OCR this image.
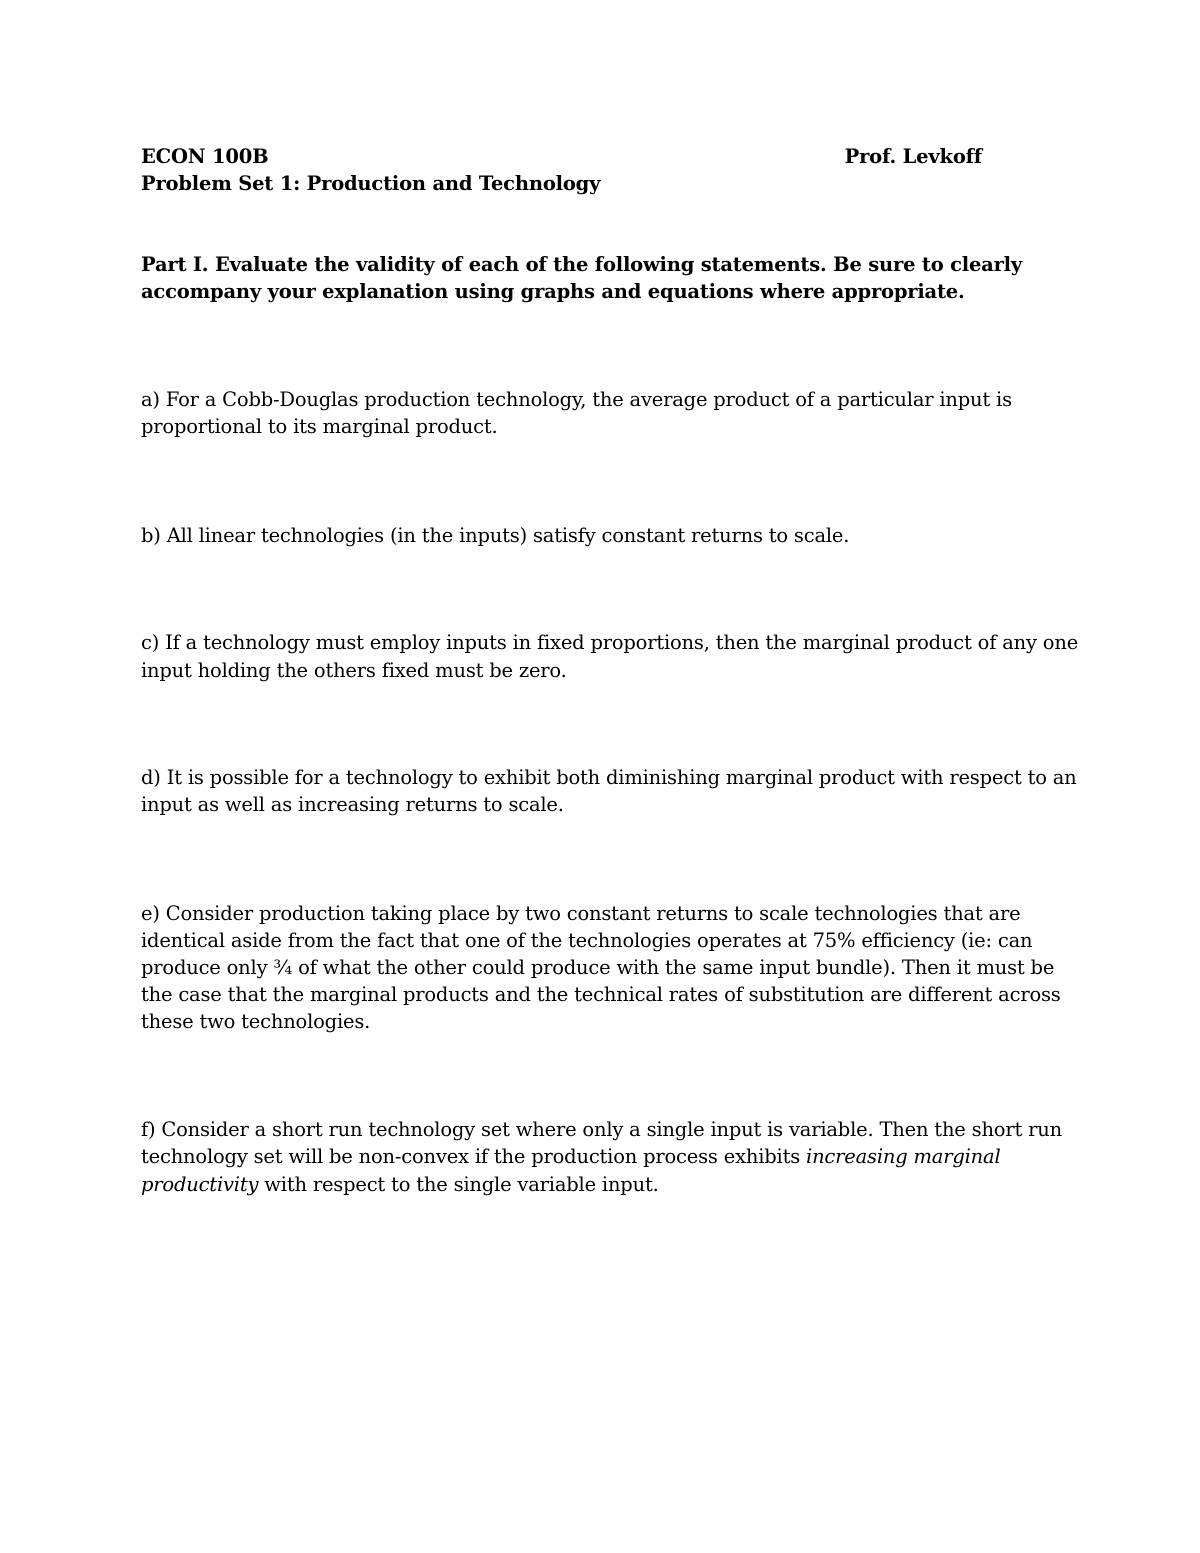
ECON 100B	Prof. Levkoff
Problem Set 1: Production and Technology
Part I. Evaluate the validity of each of the following statements. Be sure to clearly
accompany your explanation using graphs and equations where appropriate.
a) For a Cobb-Douglas production technology, the average product of a particular input is
proportional to its marginal product.
b) All linear technologies (in the inputs) satisfy constant returns to scale.
c) If a technology must employ inputs in fixed proportions, then the marginal product of any one
input holding the others fixed must be zero.
d) It is possible for a technology to exhibit both diminishing marginal product with respect to an
input as well as increasing returns to scale.
e) Consider production taking place by two constant returns to scale technologies that are
identical aside from the fact that one of the technologies operates at 75% efficiency (ie: can
produce only ¾ of what the other could produce with the same input bundle). Then it must be
the case that the marginal products and the technical rates of substitution are different across
these two technologies.
f) Consider a short run technology set where only a single input is variable. Then the short run
technology set will be non-convex if the production process exhibits increasing marginal
productivity with respect to the single variable input.
